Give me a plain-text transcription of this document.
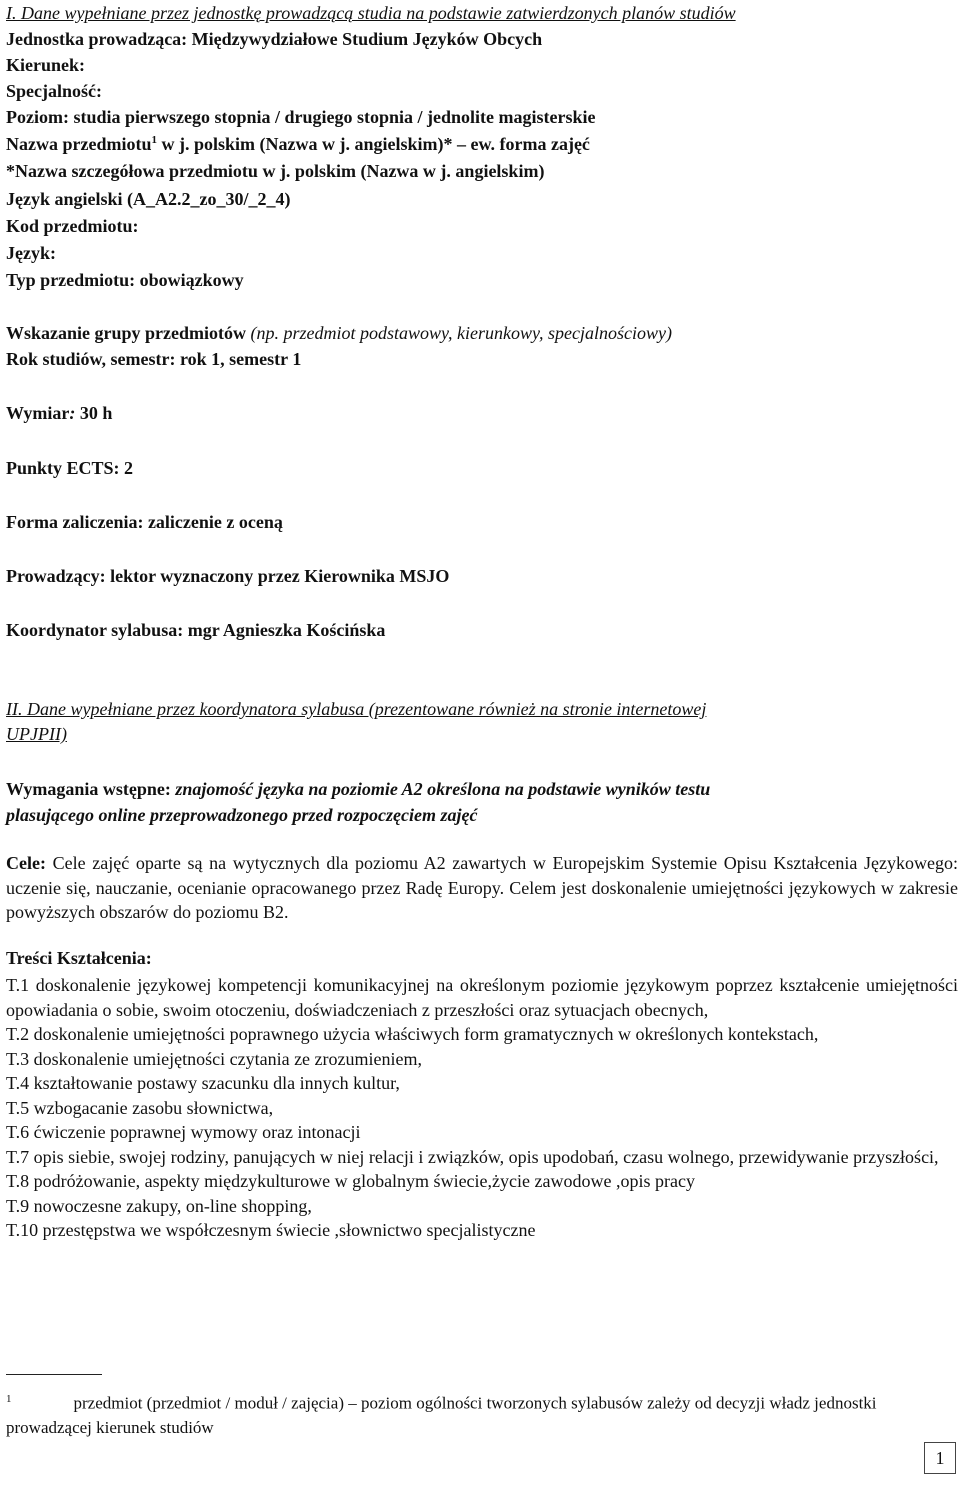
I. Dane wypełniane przez jednostkę prowadzącą studia na podstawie zatwierdzonych planów studiów
Jednostka prowadząca: Międzywydziałowe Studium Języków Obcych
Kierunek:
Specjalność:
Poziom: studia pierwszego stopnia / drugiego stopnia / jednolite magisterskie
Nazwa przedmiotu$^1$ w j. polskim (Nazwa w j. angielskim)* – ew. forma zajęć
*Nazwa szczegółowa przedmiotu w j. polskim (Nazwa w j. angielskim)
Język angielski (A_A2.2_zo_30/_2_4)
Kod przedmiotu:
Język:
Typ przedmiotu: obowiązkowy
Wskazanie grupy przedmiotów (np. przedmiot podstawowy, kierunkowy, specjalnościowy)
Rok studiów, semestr: rok 1, semestr 1
Wymiar: 30 h
Punkty ECTS: 2
Forma zaliczenia: zaliczenie z oceną
Prowadzący: lektor wyznaczony przez Kierownika MSJO
Koordynator sylabusa: mgr Agnieszka Kościńska
II. Dane wypełniane przez koordynatora sylabusa (prezentowane również na stronie internetowej
UPJPII)
Wymagania wstępne: znajomość języka na poziomie A2 określona na podstawie wyników testu
plasującego online przeprowadzonego przed rozpoczęciem zajęć
Cele: Cele zajęć oparte są na wytycznych dla poziomu A2 zawartych w Europejskim Systemie Opisu Kształcenia Językowego: uczenie się, nauczanie, ocenianie opracowanego przez Radę Europy. Celem jest doskonalenie umiejętności językowych w zakresie powyższych obszarów do poziomu B2.
Treści Kształcenia:
T.1 doskonalenie językowej kompetencji komunikacyjnej na określonym poziomie językowym poprzez kształcenie umiejętności opowiadania o sobie, swoim otoczeniu, doświadczeniach z przeszłości oraz sytuacjach obecnych,
T.2 doskonalenie umiejętności poprawnego użycia właściwych form gramatycznych w określonych kontekstach,
T.3 doskonalenie umiejętności czytania ze zrozumieniem,
T.4 kształtowanie postawy szacunku dla innych kultur,
T.5 wzbogacanie zasobu słownictwa,
T.6 ćwiczenie poprawnej wymowy oraz intonacji
T.7 opis siebie, swojej rodziny, panujących w niej relacji i związków, opis upodobań, czasu wolnego, przewidywanie przyszłości,
T.8 podróżowanie, aspekty międzykulturowe w globalnym świecie,życie zawodowe ,opis pracy
T.9 nowoczesne zakupy, on-line shopping,
T.10 przestępstwa we współczesnym świecie ,słownictwo specjalistyczne
$^1$	przedmiot (przedmiot / moduł / zajęcia) – poziom ogólności tworzonych sylabusów zależy od decyzji władz jednostki prowadzącej kierunek studiów
1
